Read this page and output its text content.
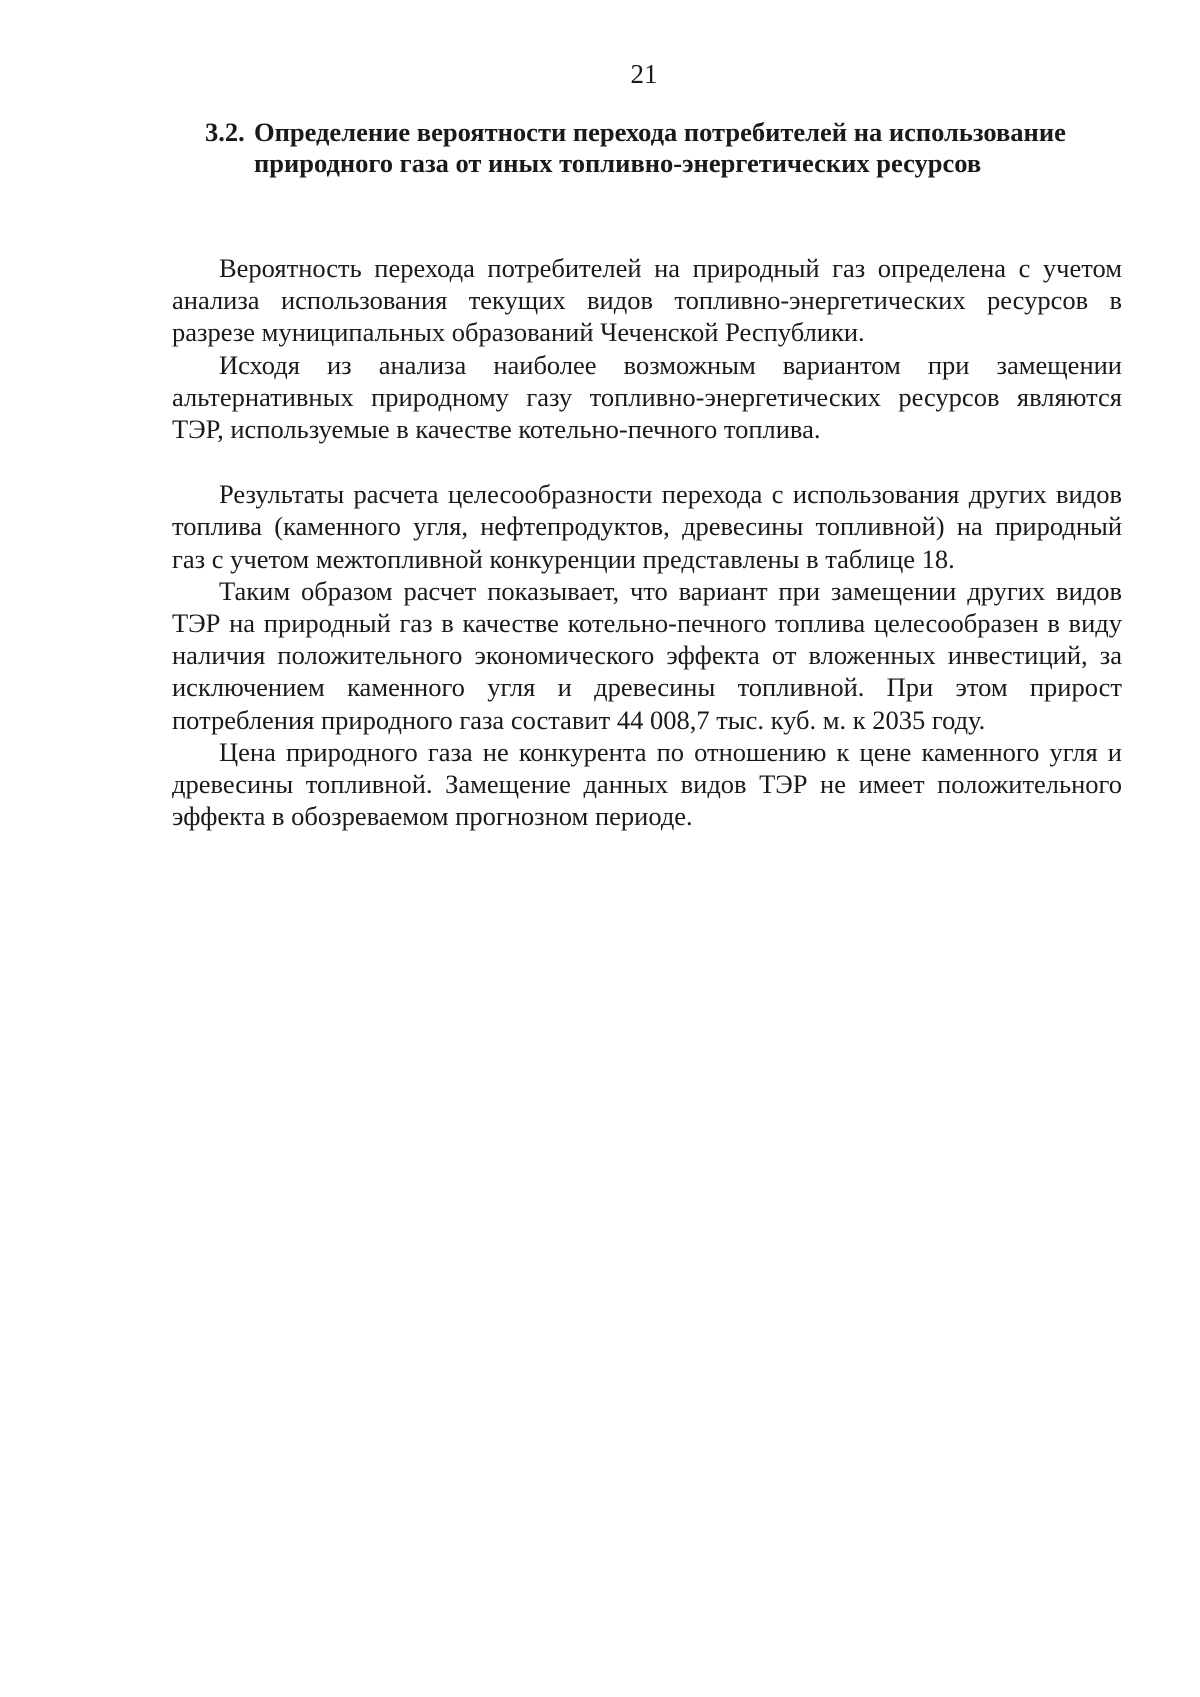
21
3.2. Определение вероятности перехода потребителей на использование природного газа от иных топливно-энергетических ресурсов

Вероятность перехода потребителей на природный газ определена с учетом анализа использования текущих видов топливно-энергетических ресурсов в разрезе муниципальных образований Чеченской Республики.

Исходя из анализа наиболее возможным вариантом при замещении альтернативных природному газу топливно-энергетических ресурсов являются ТЭР, используемые в качестве котельно-печного топлива.

Результаты расчета целесообразности перехода с использования других видов топлива (каменного угля, нефтепродуктов, древесины топливной) на природный газ с учетом межтопливной конкуренции представлены в таблице 18.

Таким образом расчет показывает, что вариант при замещении других видов ТЭР на природный газ в качестве котельно-печного топлива целесообразен в виду наличия положительного экономического эффекта от вложенных инвестиций, за исключением каменного угля и древесины топливной. При этом прирост потребления природного газа составит 44 008,7 тыс. куб. м. к 2035 году.

Цена природного газа не конкурента по отношению к цене каменного угля и древесины топливной. Замещение данных видов ТЭР не имеет положительного эффекта в обозреваемом прогнозном периоде.
